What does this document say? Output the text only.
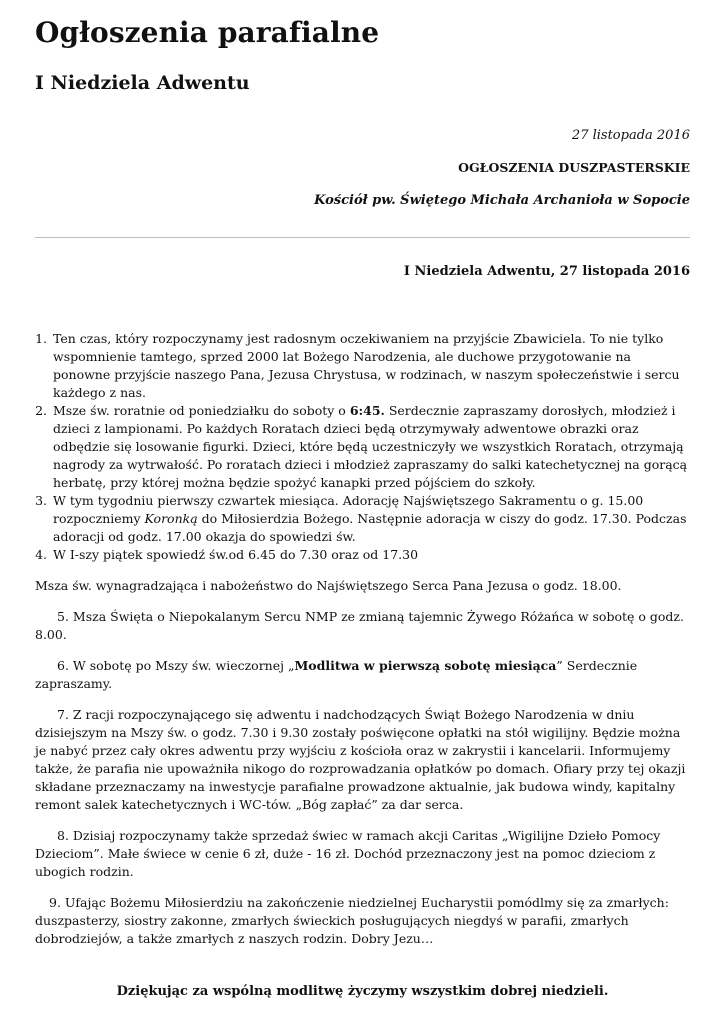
Ogłoszenia parafialne
I Niedziela Adwentu
27 listopada 2016
OGŁOSZENIA DUSZPASTERSKIE
Kościół pw. Świętego Michała Archanioła w Sopocie
I Niedziela Adwentu, 27 listopada 2016
1. Ten czas, który rozpoczynamy jest radosnym oczekiwaniem na przyjście Zbawiciela. To nie tylko wspomnienie tamtego, sprzed 2000 lat Bożego Narodzenia, ale duchowe przygotowanie na ponowne przyjście naszego Pana, Jezusa Chrystusa, w rodzinach, w naszym społeczeństwie i sercu każdego z nas.
2. Msze św. roratnie od poniedziałku do soboty o 6:45. Serdecznie zapraszamy dorosłych, młodzież i dzieci z lampionami. Po każdych Roratach dzieci będą otrzymywały adwentowe obrazki oraz odbędzie się losowanie figurki. Dzieci, które będą uczestniczyły we wszystkich Roratach, otrzymają nagrody za wytrwałość. Po roratach dzieci i młodzież zapraszamy do salki katechetycznej na gorącą herbatę, przy której można będzie spożyć kanapki przed pójściem do szkoły.
3. W tym tygodniu pierwszy czwartek miesiąca. Adorację Najświętszego Sakramentu o g. 15.00 rozpoczniemy Koronką do Miłosierdzia Bożego. Następnie adoracja w ciszy do godz. 17.30. Podczas adoracji od godz. 17.00 okazja do spowiedzi św.
4. W I-szy piątek spowiedź św.od 6.45 do 7.30 oraz od 17.30

Msza św. wynagradzająca i nabożeństwo do Najświętszego Serca Pana Jezusa o godz. 18.00.

5. Msza Święta o Niepokalanym Sercu NMP ze zmianą tajemnic Żywego Różańca w sobotę o godz. 8.00.

6. W sobotę po Mszy św. wieczornej „Modlitwa w pierwszą sobotę miesiąca” Serdecznie zapraszamy.

7. Z racji rozpoczynającego się adwentu i nadchodzących Świąt Bożego Narodzenia w dniu dzisiejszym na Mszy św. o godz. 7.30 i 9.30 zostały poświęcone opłatki na stół wigilijny. Będzie można je nabyć przez cały okres adwentu przy wyjściu z kościoła oraz w zakrystii i kancelarii. Informujemy także, że parafia nie upoważniła nikogo do rozprowadzania opłatków po domach. Ofiary przy tej okazji składane przeznaczamy na inwestycje parafialne prowadzone aktualnie, jak budowa windy, kapitalny remont salek katechetycznych i WC-tów. „Bóg zapłać” za dar serca.

8. Dzisiaj rozpoczynamy także sprzedaż świec w ramach akcji Caritas „Wigilijne Dzieło Pomocy Dzieciom”. Małe świece w cenie 6 zł, duże - 16 zł. Dochód przeznaczony jest na pomoc dzieciom z ubogich rodzin.

9. Ufając Bożemu Miłosierdziu na zakończenie niedzielnej Eucharystii pomódlmy się za zmarłych: duszpasterzy, siostry zakonne, zmarłych świeckich posługujących niegdyś w parafii, zmarłych dobrodziejów, a także zmarłych z naszych rodzin. Dobry Jezu…

Dziękując za wspólną modlitwę życzymy wszystkim dobrej niedzieli.
